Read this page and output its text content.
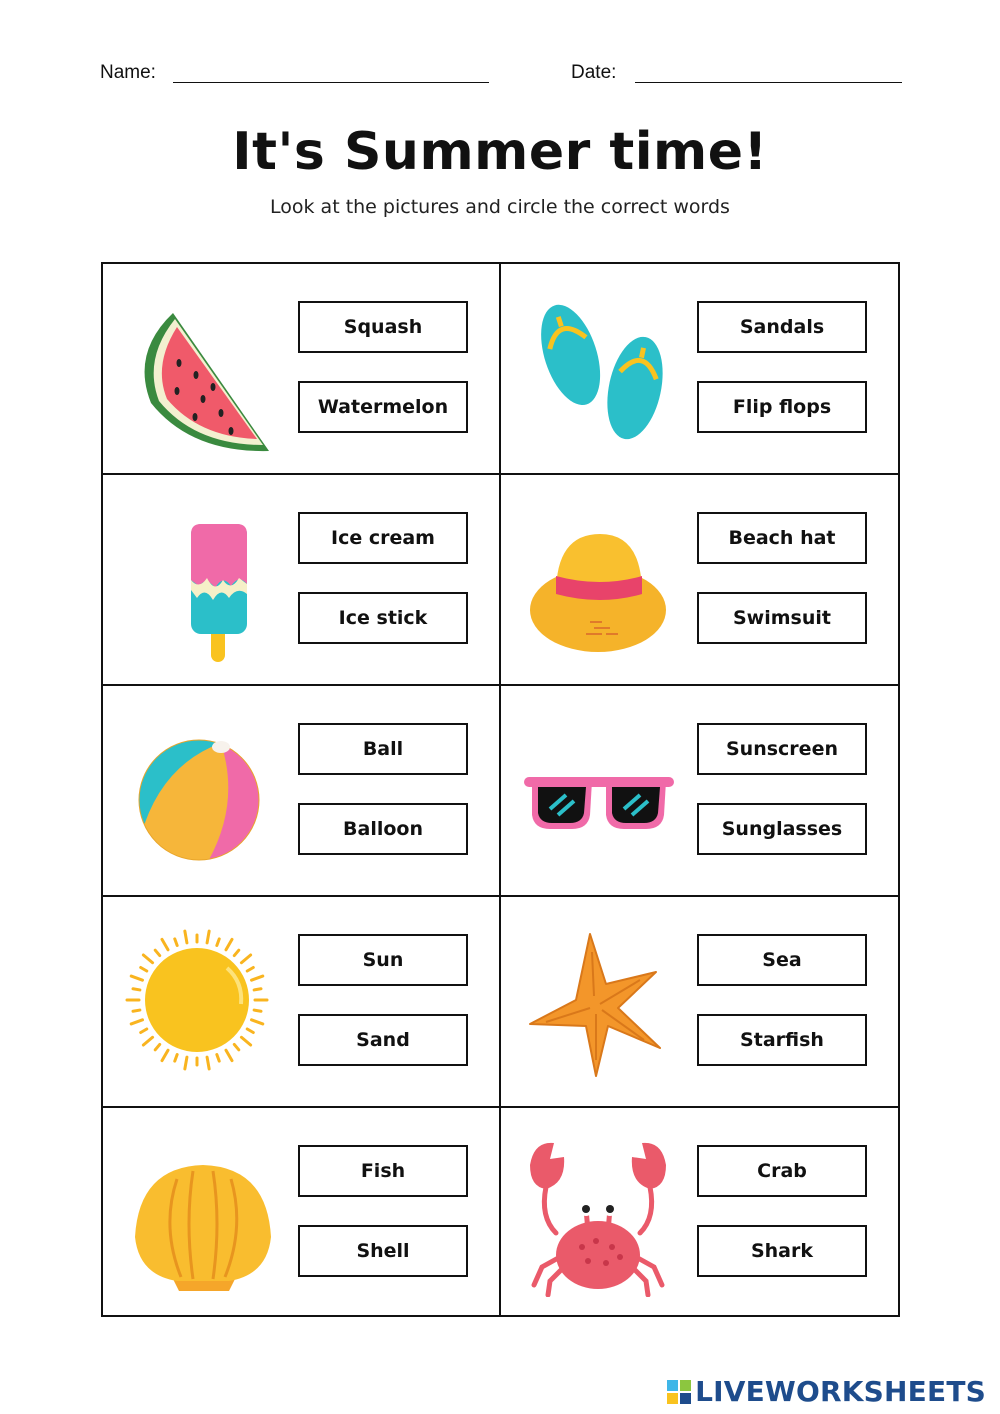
Name:	Date:
It's Summer time!
Look at the pictures and circle the correct words
Squash
Watermelon
Sandals
Flip flops
Ice cream
Ice stick
Beach hat
Swimsuit
Ball
Balloon
Sunscreen
Sunglasses
Sun
Sand
Sea
Starfish
Fish
Shell
Crab
Shark
LIVEWORKSHEETS
